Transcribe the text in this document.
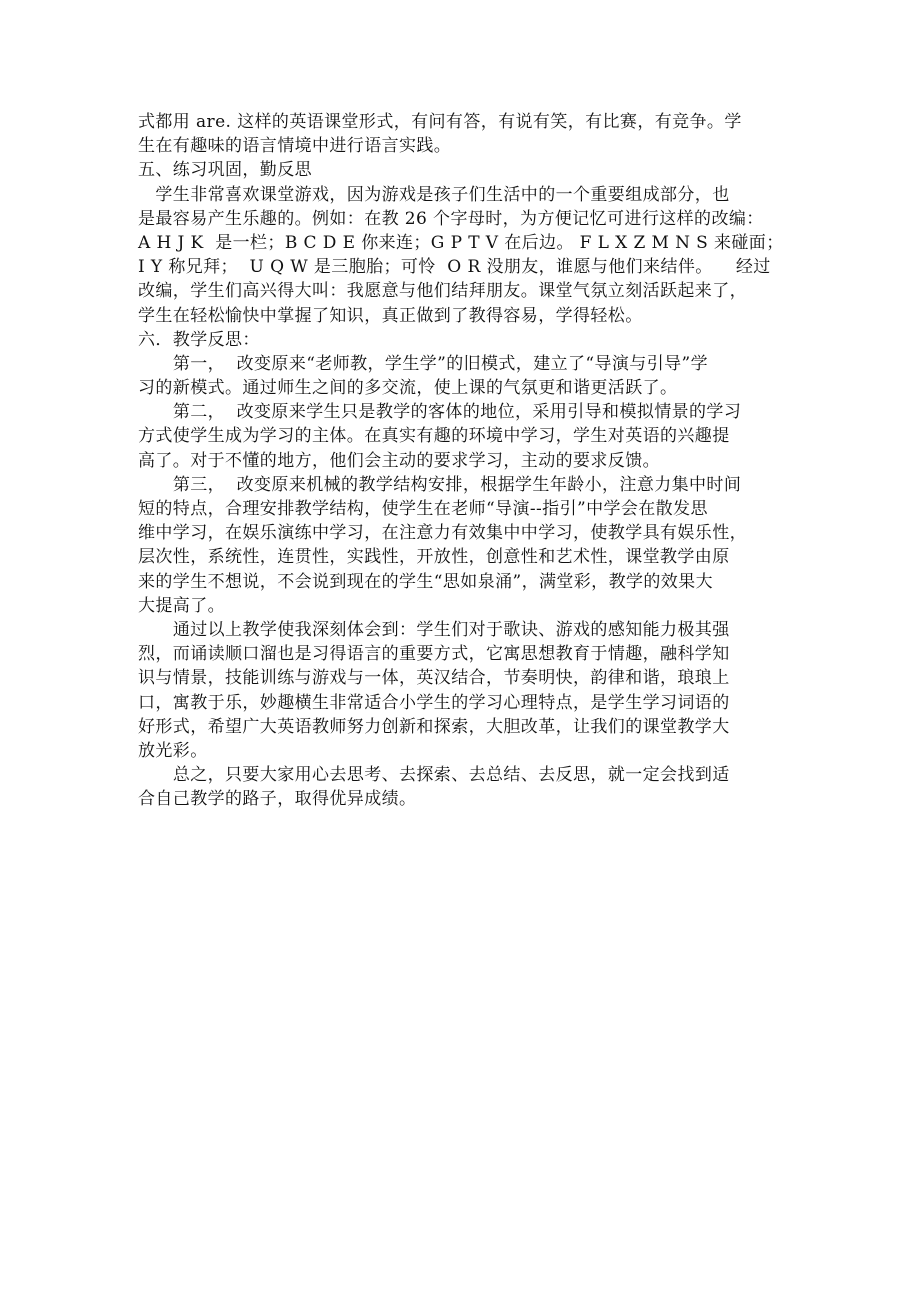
式都用 are. 这样的英语课堂形式，有问有答，有说有笑，有比赛，有竞争。学
生在有趣味的语言情境中进行语言实践。
五、练习巩固，勤反思
学生非常喜欢课堂游戏，因为游戏是孩子们生活中的一个重要组成部分，也
是最容易产生乐趣的。例如：在教 26 个字母时，为方便记忆可进行这样的改编：
A H J K  是一栏；B C D E 你来连；G P T V 在后边。 F L X Z M N S 来碰面；
I Y 称兄拜；  U Q W 是三胞胎；可怜  O R 没朋友，谁愿与他们来结伴。    经过
改编，学生们高兴得大叫：我愿意与他们结拜朋友。课堂气氛立刻活跃起来了，
学生在轻松愉快中掌握了知识，真正做到了教得容易，学得轻松。
六．教学反思：
第一，  改变原来“老师教，学生学”的旧模式，建立了“导演与引导”学
习的新模式。通过师生之间的多交流，使上课的气氛更和谐更活跃了。
第二，  改变原来学生只是教学的客体的地位，采用引导和模拟情景的学习
方式使学生成为学习的主体。在真实有趣的环境中学习，学生对英语的兴趣提
高了。对于不懂的地方，他们会主动的要求学习，主动的要求反馈。
第三，  改变原来机械的教学结构安排，根据学生年龄小，注意力集中时间
短的特点，合理安排教学结构，使学生在老师“导演--指引”中学会在散发思
维中学习，在娱乐演练中学习，在注意力有效集中中学习，使教学具有娱乐性，
层次性，系统性，连贯性，实践性，开放性，创意性和艺术性，课堂教学由原
来的学生不想说，不会说到现在的学生“思如泉涌”，满堂彩，教学的效果大
大提高了。
通过以上教学使我深刻体会到：学生们对于歌诀、游戏的感知能力极其强
烈，而诵读顺口溜也是习得语言的重要方式，它寓思想教育于情趣，融科学知
识与情景，技能训练与游戏与一体，英汉结合，节奏明快，韵律和谐，琅琅上
口，寓教于乐，妙趣横生非常适合小学生的学习心理特点，是学生学习词语的
好形式，希望广大英语教师努力创新和探索，大胆改革，让我们的课堂教学大
放光彩。
总之，只要大家用心去思考、去探索、去总结、去反思，就一定会找到适
合自己教学的路子，取得优异成绩。
